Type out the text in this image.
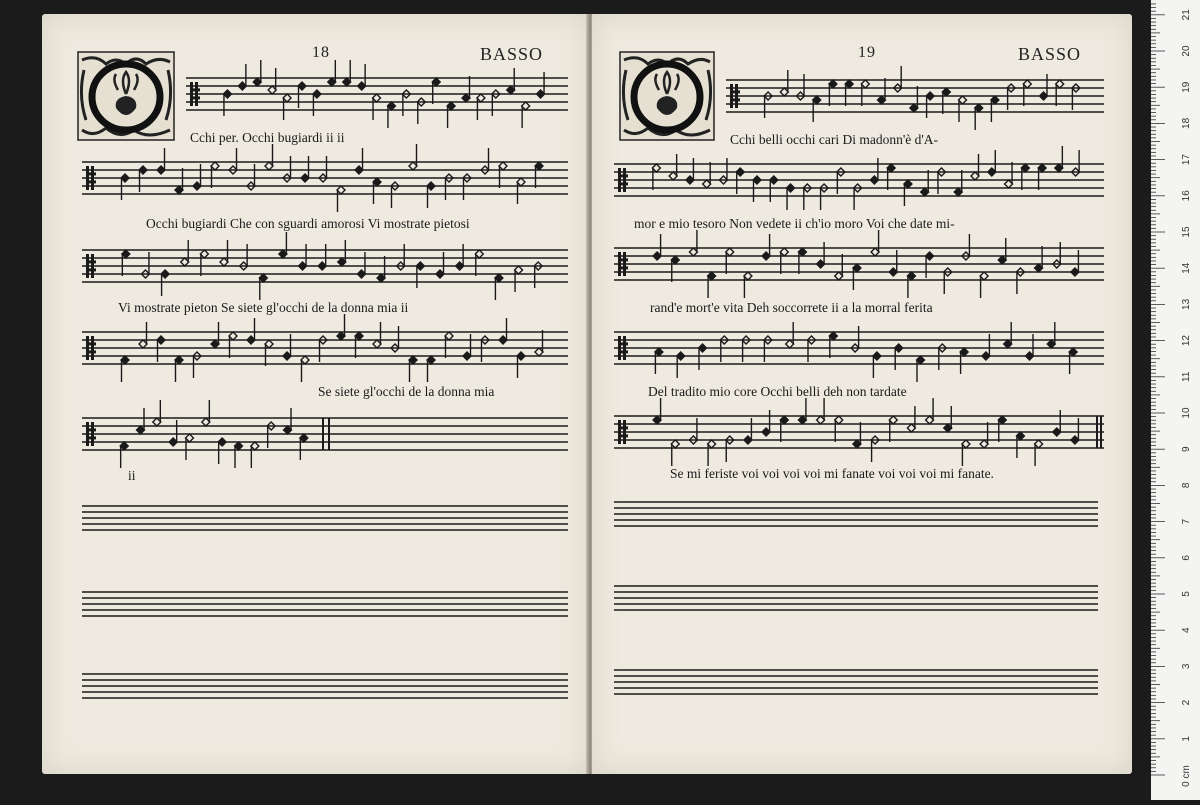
18	BASSO	19	BASSO
Cchi per. Occhi bugiardi ii ii
Occhi bugiardi Che con sguardi amorosi Vi mostrate pietosi
Vi mostrate pieton Se siete gl'occhi de la donna mia ii
Se siete gl'occhi de la donna mia
ii
Cchi belli occhi cari Di madonn'è d'A-
mor e mio tesoro Non vedete ii ch'io moro Voi che date mi-
rand'e mort'e vita Deh soccorrete ii a la morral ferita
Del tradito mio core Occhi belli deh non tardate
Se mi feriste voi voi voi voi mi fanate voi voi voi mi fanate.
1
2
3
4
5
6
7
8
9
10
11
12
13
14
15
16
17
18
19
20
21
0 cm
